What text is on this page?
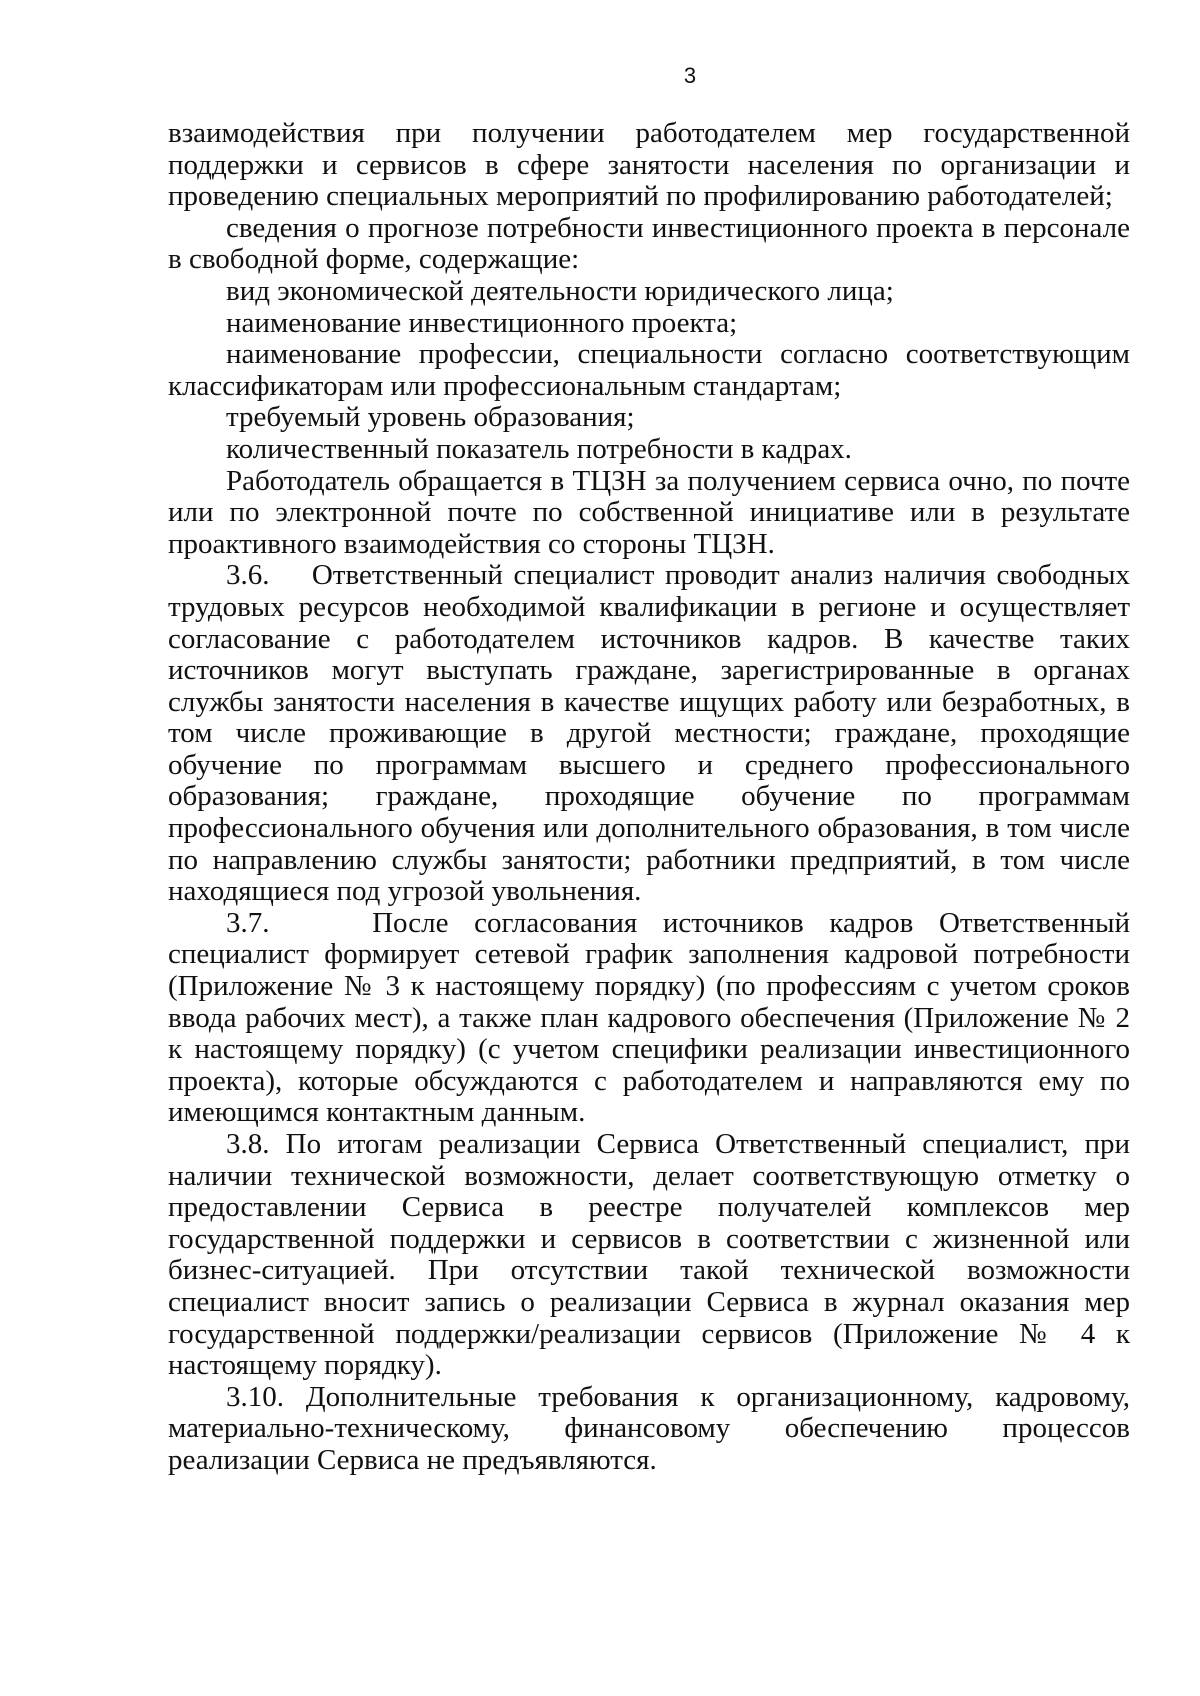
3

взаимодействия при получении работодателем мер государственной поддержки и сервисов в сфере занятости населения по организации и проведению специальных мероприятий по профилированию работодателей;

сведения о прогнозе потребности инвестиционного проекта в персонале в свободной форме, содержащие:

вид экономической деятельности юридического лица;

наименование инвестиционного проекта;

наименование профессии, специальности согласно соответствующим классификаторам или профессиональным стандартам;

требуемый уровень образования;

количественный показатель потребности в кадрах.

Работодатель обращается в ТЦЗН за получением сервиса очно, по почте или по электронной почте по собственной инициативе или в результате проактивного взаимодействия со стороны ТЦЗН.

3.6.    Ответственный специалист проводит анализ наличия свободных трудовых ресурсов необходимой квалификации в регионе и осуществляет согласование с работодателем источников кадров. В качестве таких источников могут выступать граждане, зарегистрированные в органах службы занятости населения в качестве ищущих работу или безработных, в том числе проживающие в другой местности; граждане, проходящие обучение по программам высшего и среднего профессионального образования; граждане, проходящие обучение по программам профессионального обучения или дополнительного образования, в том числе по направлению службы занятости; работники предприятий, в том числе находящиеся под угрозой увольнения.

3.7.    После согласования источников кадров Ответственный специалист формирует сетевой график заполнения кадровой потребности (Приложение № 3 к настоящему порядку) (по профессиям с учетом сроков ввода рабочих мест), а также план кадрового обеспечения (Приложение № 2 к настоящему порядку) (с учетом специфики реализации инвестиционного проекта), которые обсуждаются с работодателем и направляются ему по имеющимся контактным данным.

3.8. По итогам реализации Сервиса Ответственный специалист, при наличии технической возможности, делает соответствующую отметку о предоставлении Сервиса в реестре получателей комплексов мер государственной поддержки и сервисов в соответствии с жизненной или бизнес-ситуацией. При отсутствии такой технической возможности специалист вносит запись о реализации Сервиса в журнал оказания мер государственной поддержки/реализации сервисов (Приложение № 4 к настоящему порядку).

3.10. Дополнительные требования к организационному, кадровому, материально-техническому, финансовому обеспечению процессов реализации Сервиса не предъявляются.
